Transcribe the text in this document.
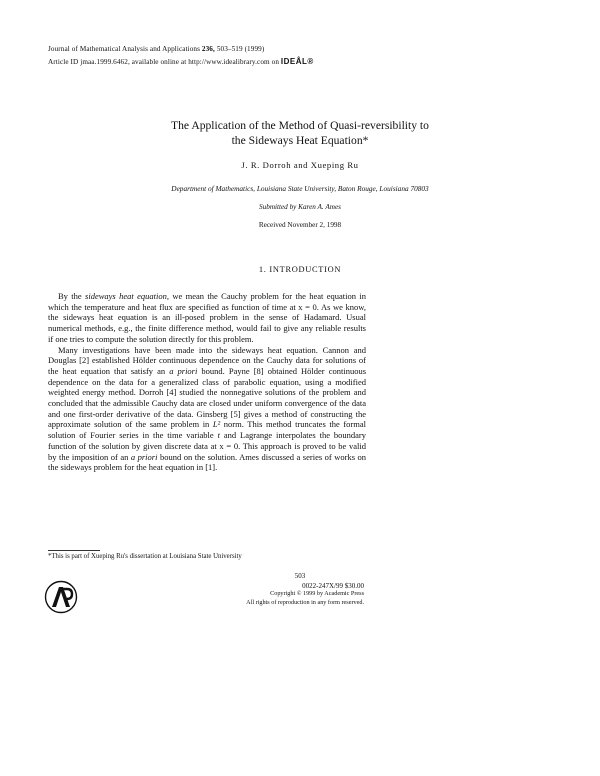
Journal of Mathematical Analysis and Applications 236, 503–519 (1999)
Article ID jmaa.1999.6462, available online at http://www.idealibrary.com on IDEÂL®
The Application of the Method of Quasi-reversibility to
the Sideways Heat Equation*
J. R. Dorroh and Xueping Ru
Department of Mathematics, Louisiana State University, Baton Rouge, Louisiana 70803
Submitted by Karen A. Ames
Received November 2, 1998
1. INTRODUCTION

By the sideways heat equation, we mean the Cauchy problem for the heat equation in which the temperature and heat flux are specified as function of time at x = 0. As we know, the sideways heat equation is an ill-posed problem in the sense of Hadamard. Usual numerical methods, e.g., the finite difference method, would fail to give any reliable results if one tries to compute the solution directly for this problem.

Many investigations have been made into the sideways heat equation. Cannon and Douglas [2] established Hölder continuous dependence on the Cauchy data for solutions of the heat equation that satisfy an a priori bound. Payne [8] obtained Hölder continuous dependence on the data for a generalized class of parabolic equation, using a modified weighted energy method. Dorroh [4] studied the nonnegative solutions of the problem and concluded that the admissible Cauchy data are closed under uniform convergence of the data and one first-order derivative of the data. Ginsberg [5] gives a method of constructing the approximate solution of the same problem in L² norm. This method truncates the formal solution of Fourier series in the time variable t and Lagrange interpolates the boundary function of the solution by given discrete data at x = 0. This approach is proved to be valid by the imposition of an a priori bound on the solution. Ames discussed a series of works on the sideways problem for the heat equation in [1].

*This is part of Xueping Ru's dissertation at Louisiana State University
503
0022-247X/99 $30.00
Copyright © 1999 by Academic Press
All rights of reproduction in any form reserved.
